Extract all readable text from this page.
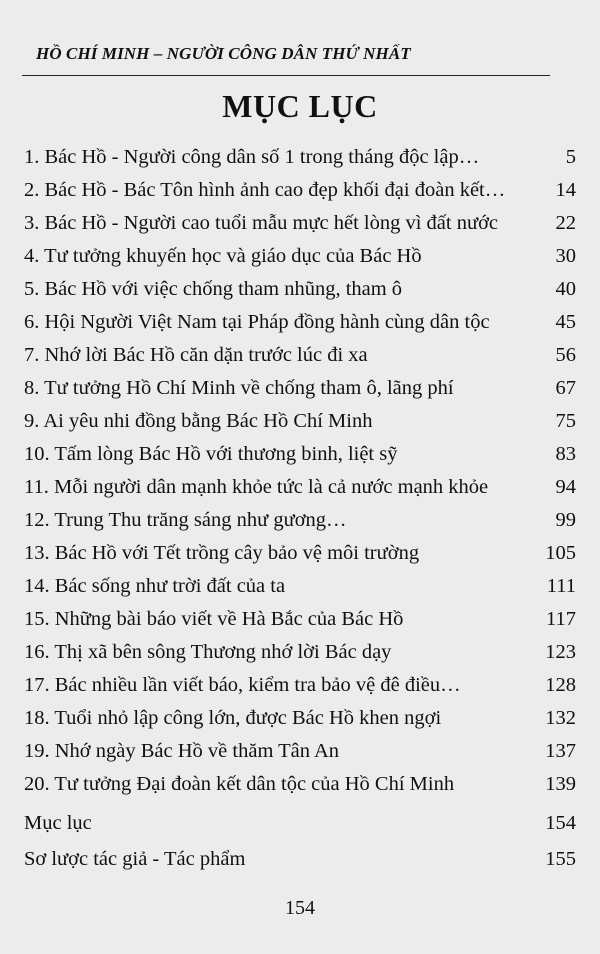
HỒ CHÍ MINH – NGƯỜI CÔNG DÂN THỨ NHẤT
MỤC LỤC
1. Bác Hồ - Người công dân số 1 trong tháng độc lập…	5
2. Bác Hồ - Bác Tôn hình ảnh cao đẹp khối đại đoàn kết… 14
3. Bác Hồ - Người cao tuổi mẫu mực hết lòng vì đất nước	22
4. Tư tưởng khuyến học và giáo dục của Bác Hồ	30
5. Bác Hồ với việc chống tham nhũng, tham ô	40
6. Hội Người Việt Nam tại Pháp đồng hành cùng dân tộc	45
7. Nhớ lời Bác Hồ căn dặn trước lúc đi xa	56
8. Tư tưởng Hồ Chí Minh về chống tham ô, lãng phí	67
9. Ai yêu nhi đồng bằng Bác Hồ Chí Minh	75
10. Tấm lòng Bác Hồ với thương binh, liệt sỹ	83
11. Mỗi người dân mạnh khỏe tức là cả nước mạnh khỏe	94
12. Trung Thu trăng sáng như gương…	99
13. Bác Hồ với Tết trồng cây bảo vệ môi trường	105
14. Bác sống như trời đất của ta	111
15. Những bài báo viết về Hà Bắc của Bác Hồ	117
16. Thị xã bên sông Thương nhớ lời Bác dạy	123
17. Bác nhiều lần viết báo, kiểm tra bảo vệ đê điều…	128
18. Tuổi nhỏ lập công lớn, được Bác Hồ khen ngợi	132
19. Nhớ ngày Bác Hồ về thăm Tân An	137
20. Tư tưởng Đại đoàn kết dân tộc của Hồ Chí Minh	139
Mục lục	154
Sơ lược tác giả - Tác phẩm	155
154
